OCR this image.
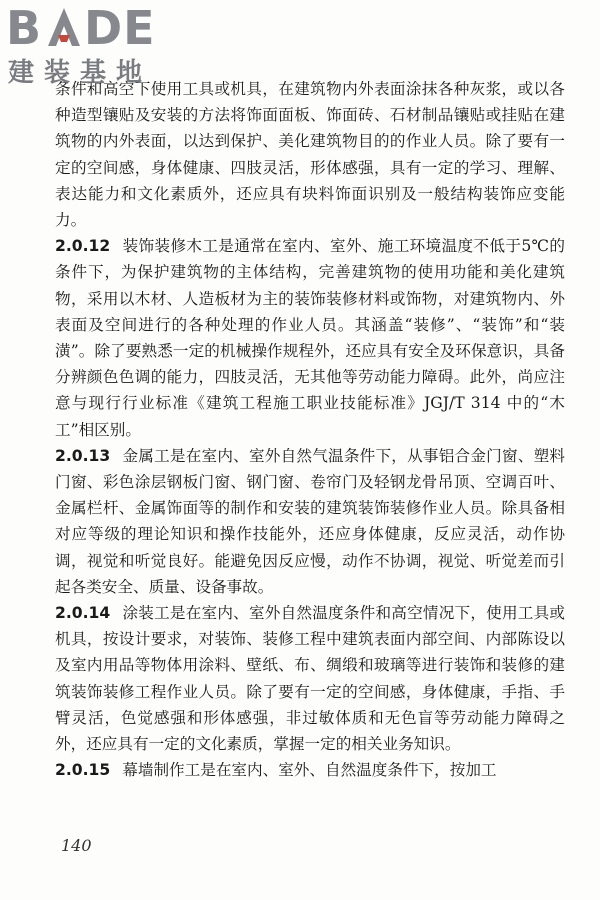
B DE
建装基地

条件和高空下使用工具或机具，在建筑物内外表面涂抹各种灰浆，或以各种造型镶贴及安装的方法将饰面面板、饰面砖、石材制品镶贴或挂贴在建筑物的内外表面，以达到保护、美化建筑物目的的作业人员。除了要有一定的空间感，身体健康、四肢灵活，形体感强，具有一定的学习、理解、表达能力和文化素质外，还应具有块料饰面识别及一般结构装饰应变能力。

2.0.12 装饰装修木工是通常在室内、室外、施工环境温度不低于5℃的条件下，为保护建筑物的主体结构，完善建筑物的使用功能和美化建筑物，采用以木材、人造板材为主的装饰装修材料或饰物，对建筑物内、外表面及空间进行的各种处理的作业人员。其涵盖“装修”、“装饰”和“装潢”。除了要熟悉一定的机械操作规程外，还应具有安全及环保意识，具备分辨颜色色调的能力，四肢灵活，无其他等劳动能力障碍。此外，尚应注意与现行行业标准《建筑工程施工职业技能标准》JGJ/T 314 中的“木工”相区别。

2.0.13 金属工是在室内、室外自然气温条件下，从事铝合金门窗、塑料门窗、彩色涂层钢板门窗、钢门窗、卷帘门及轻钢龙骨吊顶、空调百叶、金属栏杆、金属饰面等的制作和安装的建筑装饰装修作业人员。除具备相对应等级的理论知识和操作技能外，还应身体健康，反应灵活，动作协调，视觉和听觉良好。能避免因反应慢，动作不协调，视觉、听觉差而引起各类安全、质量、设备事故。

2.0.14 涂装工是在室内、室外自然温度条件和高空情况下，使用工具或机具，按设计要求，对装饰、装修工程中建筑表面内部空间、内部陈设以及室内用品等物体用涂料、壁纸、布、绸缎和玻璃等进行装饰和装修的建筑装饰装修工程作业人员。除了要有一定的空间感，身体健康，手指、手臂灵活，色觉感强和形体感强，非过敏体质和无色盲等劳动能力障碍之外，还应具有一定的文化素质，掌握一定的相关业务知识。

2.0.15 幕墙制作工是在室内、室外、自然温度条件下，按加工

140
